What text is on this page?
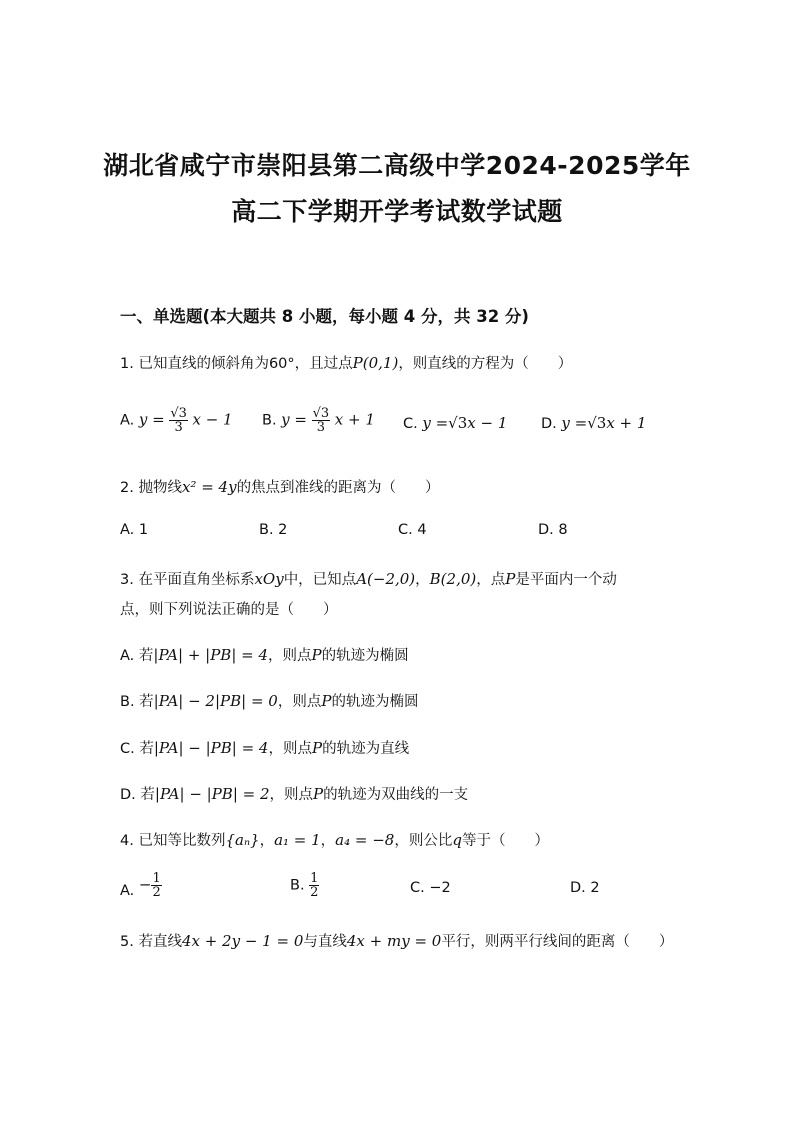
湖北省咸宁市崇阳县第二高级中学2024-2025学年
高二下学期开学考试数学试题
一、单选题(本大题共 8 小题，每小题 4 分，共 32 分)
1. 已知直线的倾斜角为60°，且过点P(0,1)，则直线的方程为（　　）
A. $y = \frac{√3}{3}$ x − 1 B. $y = \frac{√3}{3}$ x + 1 C. y =√3x − 1 D. y =√3x + 1
2. 抛物线x² = 4y的焦点到准线的距离为（　　）
A. 1	B. 2	C. 4	D. 8
3. 在平面直角坐标系xOy中，已知点A(−2,0)，B(2,0)，点P是平面内一个动
点，则下列说法正确的是（　　）
A. 若|PA| + |PB| = 4，则点P的轨迹为椭圆
B. 若|PA| − 2|PB| = 0，则点P的轨迹为椭圆
C. 若|PA| − |PB| = 4，则点P的轨迹为直线
D. 若|PA| − |PB| = 2，则点P的轨迹为双曲线的一支
4. 已知等比数列{aₙ}，a₁ = 1，a₄ = −8，则公比q等于（　　）
A. − $\frac{1}{2}$	B. $\frac{1}{2}$	C. −2	D. 2
5. 若直线4x + 2y − 1 = 0与直线4x + my = 0平行，则两平行线间的距离（　　）
